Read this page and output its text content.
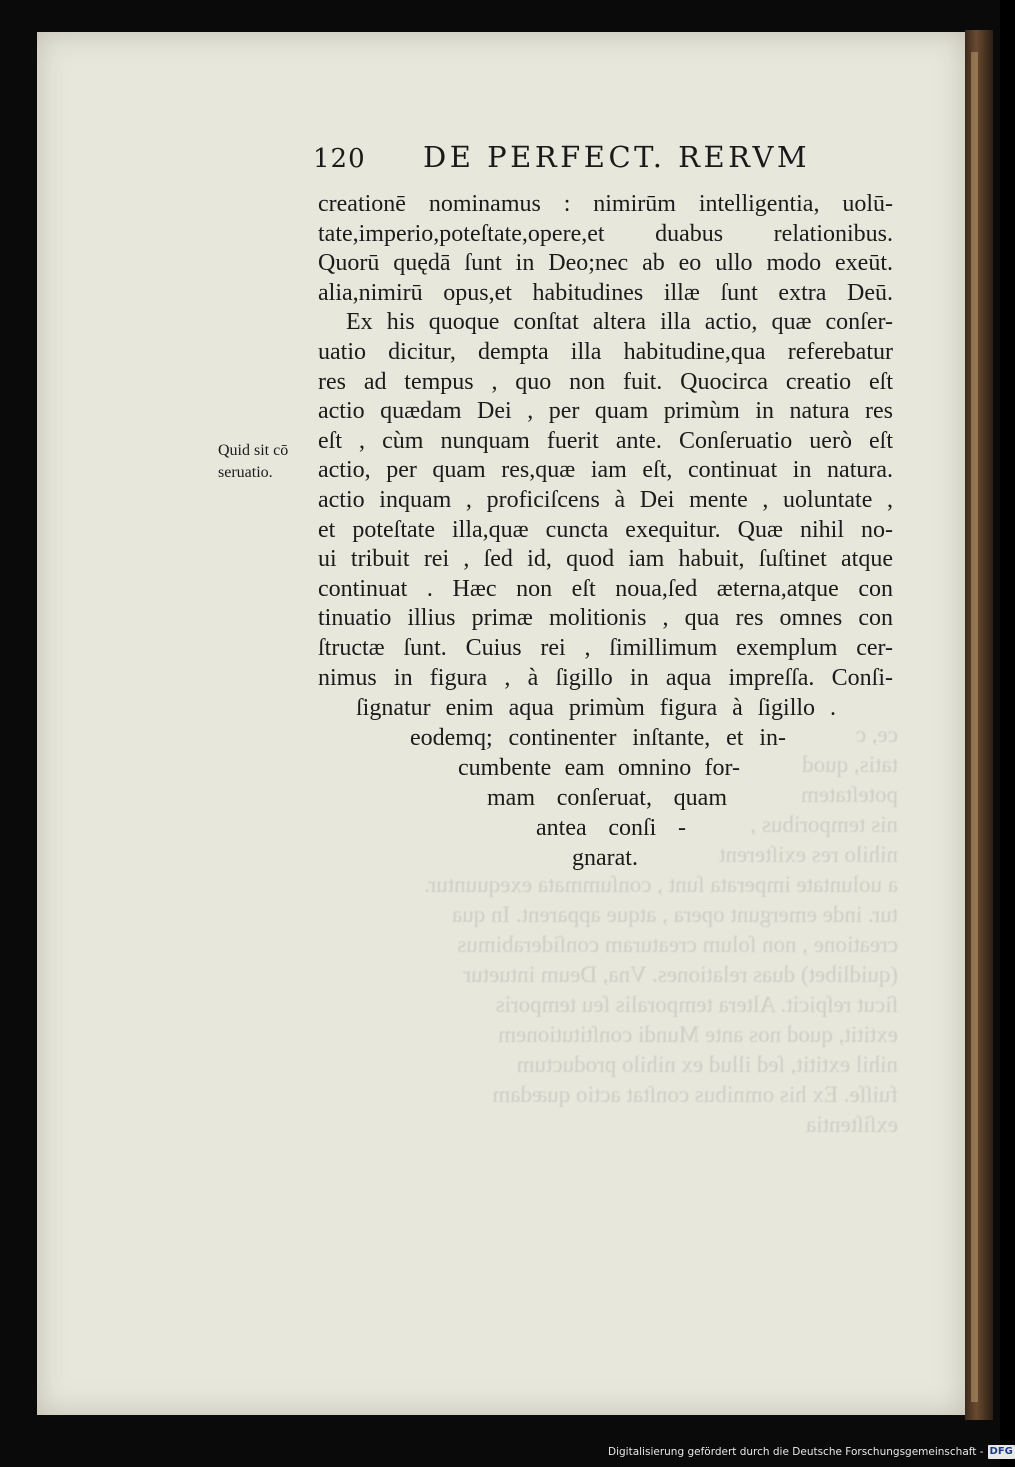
120 DE PERFECT. RERVM
Quid sit cō
seruatio.
ce, c
tatis, quod
poteſtatem
nis temporibus ,
nihilo res exiſterent
a uoluntate imperata ſunt , conſummata exequuntur.
tur. inde emergunt opera , atque apparent. In qua
creatione , non ſolum creaturam conſiderabimus
(quidlibet) duas relationes. Vna, Deum intuetur
ſicut reſpicit. Altera temporalis ſeu temporis
extitit, quod nos ante Mundi conſtitutionem
nihil extitit, ſed illud ex nihilo productum
fuiſſe. Ex his omnibus conſtat actio quædam
exſiſtentia
creationē nominamus : nimirūm intelligentia, uolū-
tate,imperio,poteſtate,opere,et duabus relationibus.
Quorū quędā ſunt in Deo;nec ab eo ullo modo exeūt.
alia,nimirū opus,et habitudines illæ ſunt extra Deū.
Ex his quoque conſtat altera illa actio, quæ conſer-
uatio dicitur, dempta illa habitudine,qua referebatur
res ad tempus , quo non fuit. Quocirca creatio eſt
actio quædam Dei , per quam primùm in natura res
eſt , cùm nunquam fuerit ante. Conſeruatio uerò eſt
actio, per quam res,quæ iam eſt, continuat in natura.
actio inquam , proficiſcens à Dei mente , uoluntate ,
et poteſtate illa,quæ cuncta exequitur. Quæ nihil no-
ui tribuit rei , ſed id, quod iam habuit, ſuſtinet atque
continuat . Hæc non eſt noua,ſed æterna,atque con
tinuatio illius primæ molitionis , qua res omnes con
ſtructæ ſunt. Cuius rei , ſimillimum exemplum cer-
nimus in figura , à ſigillo in aqua impreſſa. Conſi-
ſignatur enim aqua primùm figura à ſigillo .
eodemq; continenter inſtante, et in-
cumbente eam omnino for-
mam conſeruat, quam
antea conſi -
gnarat.
Digitalisierung gefördert durch die Deutsche Forschungsgemeinschaft - DFG
